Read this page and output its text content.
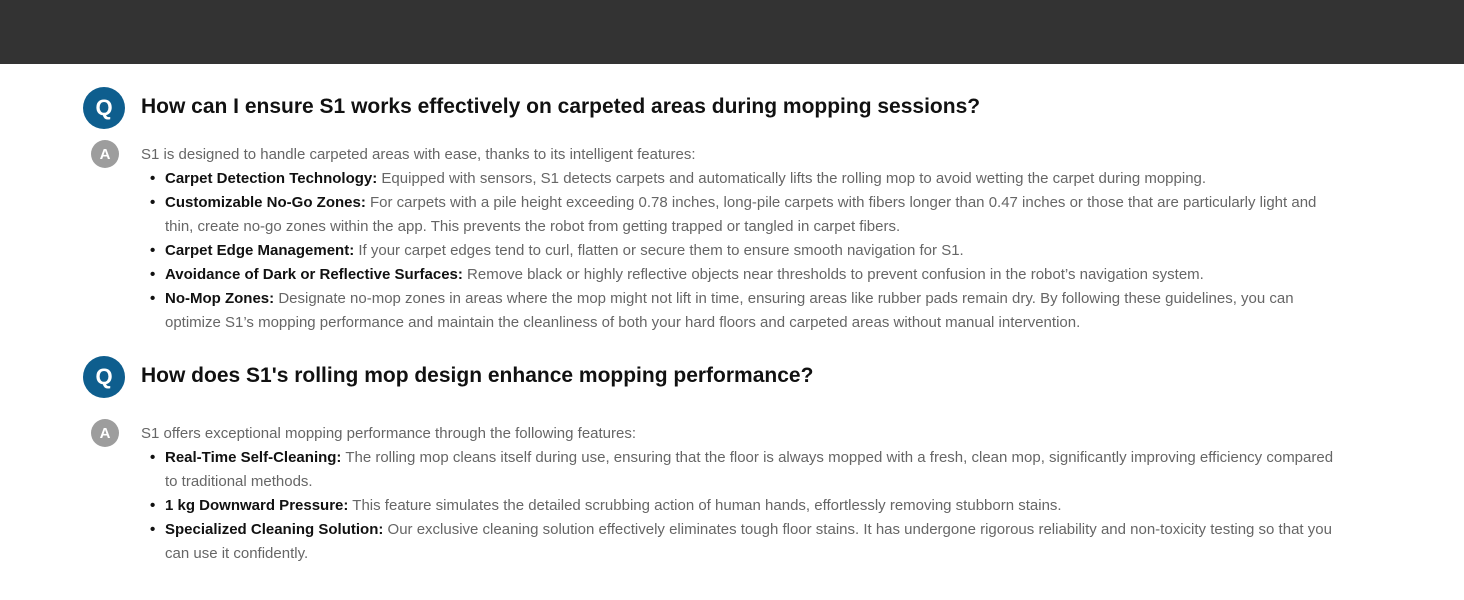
Q	How can I ensure S1 works effectively on carpeted areas during mopping sessions?
A	S1 is designed to handle carpeted areas with ease, thanks to its intelligent features:

• Carpet Detection Technology: Equipped with sensors, S1 detects carpets and automatically lifts the rolling mop to avoid wetting the carpet during mopping.
• Customizable No-Go Zones: For carpets with a pile height exceeding 0.78 inches, long-pile carpets with fibers longer than 0.47 inches or those that are particularly light and thin, create no-go zones within the app. This prevents the robot from getting trapped or tangled in carpet fibers.
• Carpet Edge Management: If your carpet edges tend to curl, flatten or secure them to ensure smooth navigation for S1.
• Avoidance of Dark or Reflective Surfaces: Remove black or highly reflective objects near thresholds to prevent confusion in the robot’s navigation system.
• No-Mop Zones: Designate no-mop zones in areas where the mop might not lift in time, ensuring areas like rubber pads remain dry. By following these guidelines, you can optimize S1’s mopping performance and maintain the cleanliness of both your hard floors and carpeted areas without manual intervention.
Q	How does S1's rolling mop design enhance mopping performance?
A	S1 offers exceptional mopping performance through the following features:

• Real-Time Self-Cleaning: The rolling mop cleans itself during use, ensuring that the floor is always mopped with a fresh, clean mop, significantly improving efficiency compared to traditional methods.
• 1 kg Downward Pressure: This feature simulates the detailed scrubbing action of human hands, effortlessly removing stubborn stains.
• Specialized Cleaning Solution: Our exclusive cleaning solution effectively eliminates tough floor stains. It has undergone rigorous reliability and non-toxicity testing so that you can use it confidently.
